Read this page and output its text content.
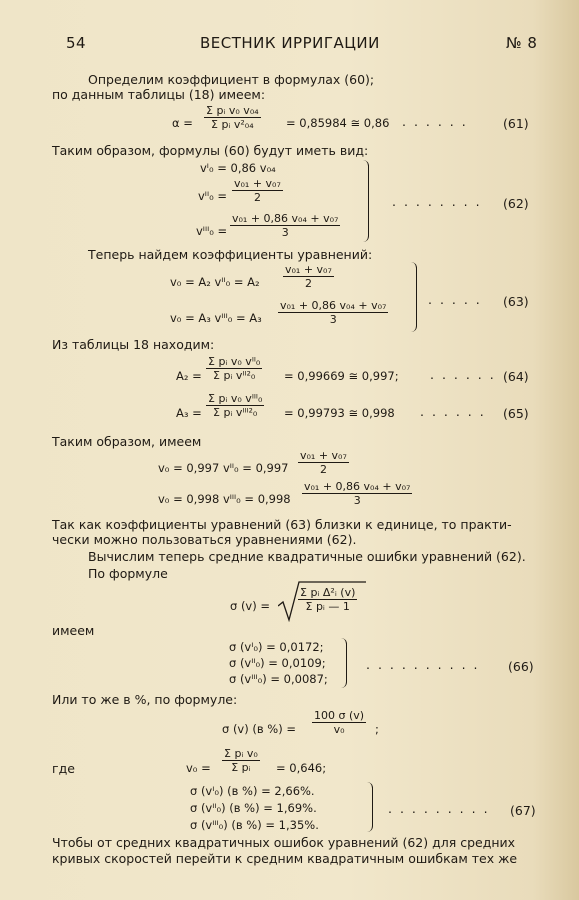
54	ВЕСТНИК ИРРИГАЦИИ	№ 8
Определим коэффициент в формулах (60);
по данным таблицы (18) имеем:
$\alpha = \frac{\text{Σ pᵢ v₀ v₀₄}}{\text{Σ pᵢ v²₀₄}} = 0,85984$ ≅ 0,86 . . . . . .	(61)
Таким образом, формулы (60) будут иметь вид:
vᴵ₀ = 0,86 v₀₄
vᴵᴵ₀ = $\frac{\text{v₀₁ + v₀₇}}{2}$
vᴵᴵᴵ₀ = $\frac{\text{v₀₁ + 0,86 v₀₄ + v₀₇}}{3}$
. . . . . . . . (62)
Теперь найдем коэффициенты уравнений:
v₀ = A₂ vᴵᴵ₀ = $A_2 \frac{\text{v₀₁ + v₀₇}}{2}$
v₀ = A₃ vᴵᴵᴵ₀ = $A_3 \frac{\text{v₀₁ + 0,86 v₀₄ + v₀₇}}{3}$	. . . . . (63)
Из таблицы 18 находим:
A₂ =
Σ pᵢ v₀ vᴵᴵ₀
Σ pᵢ vᴵᴵ²₀	= 0,99669 ≅ 0,997;	. . . . . . (64)
A₃ =
Σ pᵢ v₀ vᴵᴵᴵ₀
Σ pᵢ vᴵᴵᴵ²₀	= 0,99793 ≅ 0,998 . . . . . . (65)
Таким образом, имеем
v₀ = 0,997 vᴵᴵ₀ = $0,997 \frac{\text{v₀₁ + v₀₇}}{2}$
v₀ = 0,998 vᴵᴵᴵ₀ = $0,998 \frac{\text{v₀₁ + 0,86 v₀₄ + v₀₇}}{3}$
Так как коэффициенты уравнений (63) близки к единице, то практи-
чески можно пользоваться уравнениями (62).
Вычислим теперь средние квадратичные ошибки уравнений (62).
По формуле
σ (v) =	$\frac{\text{Σ pᵢ Δ²ᵢ (v)}}{\text{Σ pᵢ — 1}}$
имеем
σ (vᴵ₀) = 0,0172;
σ (vᴵᴵ₀) = 0,0109;
σ (vᴵᴵᴵ₀) = 0,0087;
. . . . . . . . . . (66)
Или то же в %, по формуле:
σ (v) (в %) = $\frac{100 \sigma (v)}{\text{v₀}}$ ;
где	$v_0 = \frac{\text{Σ pᵢ v₀}}{\text{Σ pᵢ}} = 0,646$;
σ (vᴵ₀) (в %) = 2,66%.
σ (vᴵᴵ₀) (в %) = 1,69%.
σ (vᴵᴵᴵ₀) (в %) = 1,35%.
. . . . . . . . . (67)
Чтобы от средних квадратичных ошибок уравнений (62) для средних
кривых скоростей перейти к средним квадратичным ошибкам тех же
